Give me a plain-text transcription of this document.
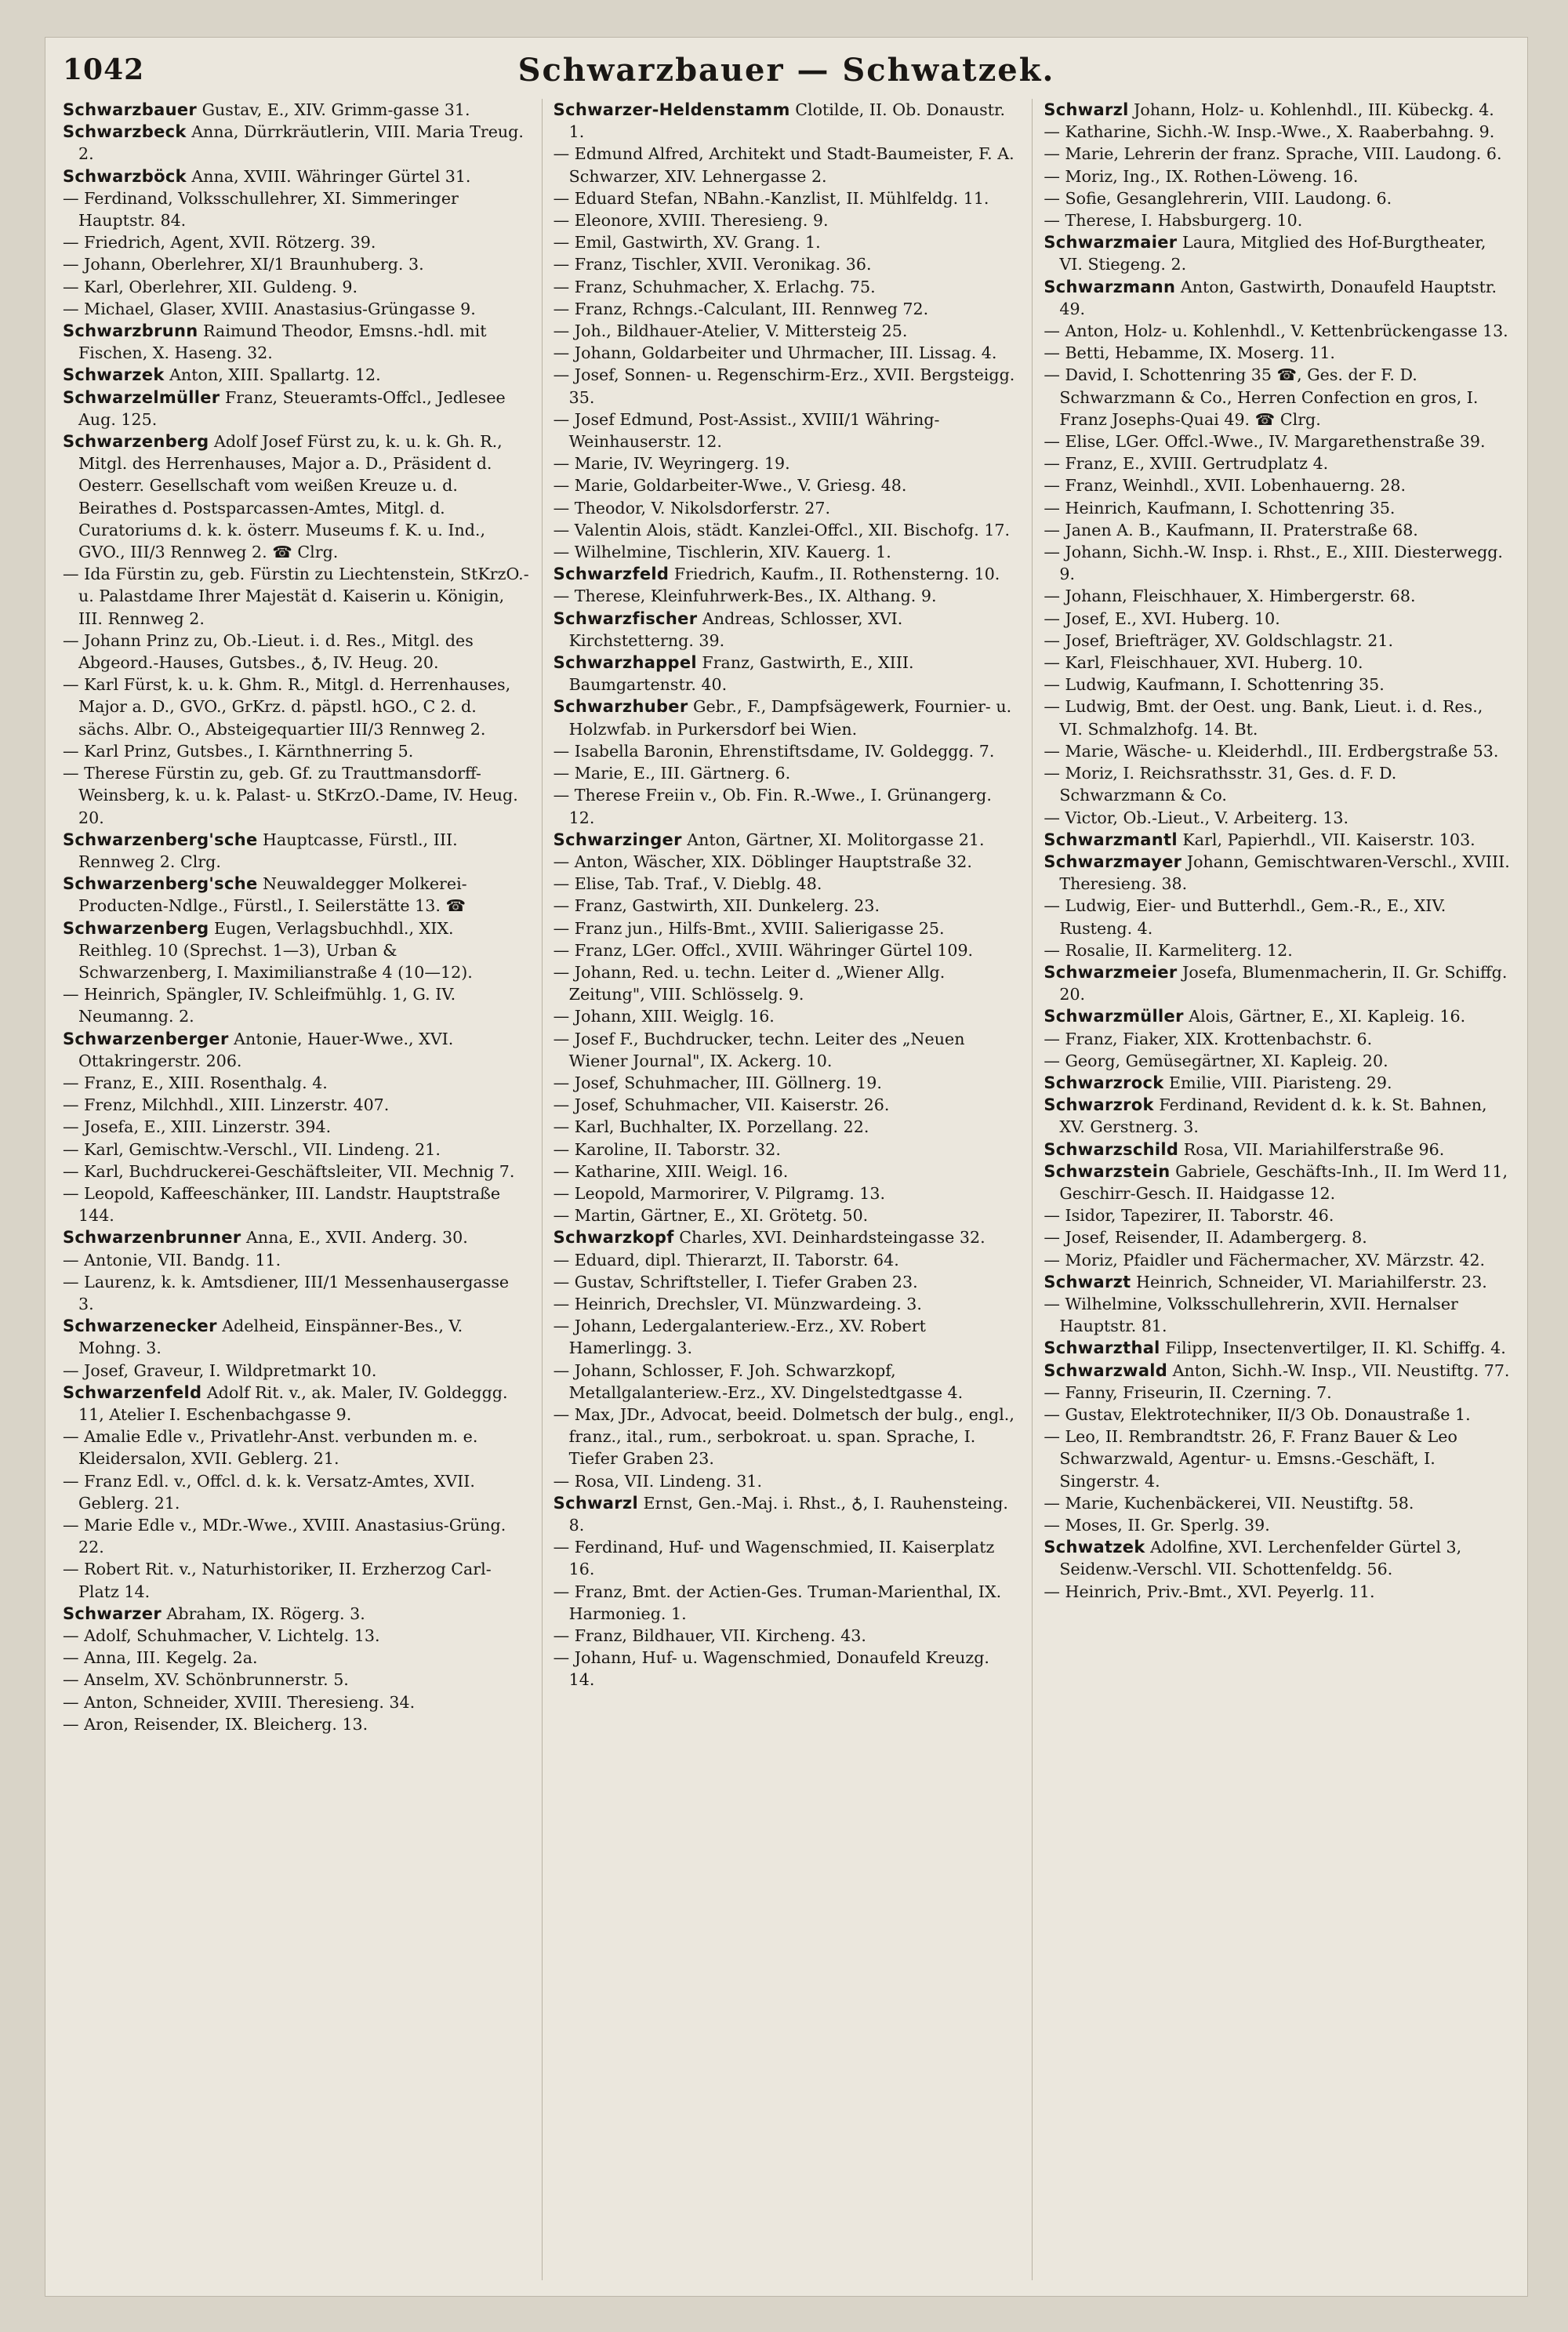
1042	Schwarzbauer — Schwatzek.

Schwarzbauer Gustav, E., XIV. Grimm-gasse 31.

Schwarzbeck Anna, Dürrkräutlerin, VIII. Maria Treug. 2.

Schwarzböck Anna, XVIII. Währinger Gürtel 31.

— Ferdinand, Volksschullehrer, XI. Simmeringer Hauptstr. 84.

— Friedrich, Agent, XVII. Rötzerg. 39.

— Johann, Oberlehrer, XI/1 Braunhuberg. 3.

— Karl, Oberlehrer, XII. Guldeng. 9.

— Michael, Glaser, XVIII. Anastasius-Grüngasse 9.

Schwarzbrunn Raimund Theodor, Emsns.-hdl. mit Fischen, X. Haseng. 32.

Schwarzek Anton, XIII. Spallartg. 12.

Schwarzelmüller Franz, Steueramts-Offcl., Jedlesee Aug. 125.

Schwarzenberg Adolf Josef Fürst zu, k. u. k. Gh. R., Mitgl. des Herrenhauses, Major a. D., Präsident d. Oesterr. Gesellschaft vom weißen Kreuze u. d. Beirathes d. Postsparcassen-Amtes, Mitgl. d. Curatoriums d. k. k. österr. Museums f. K. u. Ind., GVO., III/3 Rennweg 2. ☎ Clrg.

— Ida Fürstin zu, geb. Fürstin zu Liechtenstein, StKrzO.- u. Palastdame Ihrer Majestät d. Kaiserin u. Königin, III. Rennweg 2.

— Johann Prinz zu, Ob.-Lieut. i. d. Res., Mitgl. des Abgeord.-Hauses, Gutsbes., ♁, IV. Heug. 20.

— Karl Fürst, k. u. k. Ghm. R., Mitgl. d. Herrenhauses, Major a. D., GVO., GrKrz. d. päpstl. hGO., C 2. d. sächs. Albr. O., Absteigequartier III/3 Rennweg 2.

— Karl Prinz, Gutsbes., I. Kärnthnerring 5.

— Therese Fürstin zu, geb. Gf. zu Trauttmansdorff-Weinsberg, k. u. k. Palast- u. StKrzO.-Dame, IV. Heug. 20.

Schwarzenberg'sche Hauptcasse, Fürstl., III. Rennweg 2. Clrg.

Schwarzenberg'sche Neuwaldegger Molkerei-Producten-Ndlge., Fürstl., I. Seilerstätte 13. ☎

Schwarzenberg Eugen, Verlagsbuchhdl., XIX. Reithleg. 10 (Sprechst. 1—3), Urban & Schwarzenberg, I. Maximilianstraße 4 (10—12).

— Heinrich, Spängler, IV. Schleifmühlg. 1, G. IV. Neumanng. 2.

Schwarzenberger Antonie, Hauer-Wwe., XVI. Ottakringerstr. 206.

— Franz, E., XIII. Rosenthalg. 4.

— Frenz, Milchhdl., XIII. Linzerstr. 407.

— Josefa, E., XIII. Linzerstr. 394.

— Karl, Gemischtw.-Verschl., VII. Lindeng. 21.

— Karl, Buchdruckerei-Geschäftsleiter, VII. Mechnig 7.

— Leopold, Kaffeeschänker, III. Landstr. Hauptstraße 144.

Schwarzenbrunner Anna, E., XVII. Anderg. 30.

— Antonie, VII. Bandg. 11.

— Laurenz, k. k. Amtsdiener, III/1 Messenhausergasse 3.

Schwarzenecker Adelheid, Einspänner-Bes., V. Mohng. 3.

— Josef, Graveur, I. Wildpretmarkt 10.

Schwarzenfeld Adolf Rit. v., ak. Maler, IV. Goldeggg. 11, Atelier I. Eschenbachgasse 9.

— Amalie Edle v., Privatlehr-Anst. verbunden m. e. Kleidersalon, XVII. Geblerg. 21.

— Franz Edl. v., Offcl. d. k. k. Versatz-Amtes, XVII. Geblerg. 21.

— Marie Edle v., MDr.-Wwe., XVIII. Anastasius-Grüng. 22.

— Robert Rit. v., Naturhistoriker, II. Erzherzog Carl-Platz 14.

Schwarzer Abraham, IX. Rögerg. 3.

— Adolf, Schuhmacher, V. Lichtelg. 13.

— Anna, III. Kegelg. 2a.

— Anselm, XV. Schönbrunnerstr. 5.

— Anton, Schneider, XVIII. Theresieng. 34.

— Aron, Reisender, IX. Bleicherg. 13.

Schwarzer-Heldenstamm Clotilde, II. Ob. Donaustr. 1.

— Edmund Alfred, Architekt und Stadt-Baumeister, F. A. Schwarzer, XIV. Lehnergasse 2.

— Eduard Stefan, NBahn.-Kanzlist, II. Mühlfeldg. 11.

— Eleonore, XVIII. Theresieng. 9.

— Emil, Gastwirth, XV. Grang. 1.

— Franz, Tischler, XVII. Veronikag. 36.

— Franz, Schuhmacher, X. Erlachg. 75.

— Franz, Rchngs.-Calculant, III. Rennweg 72.

— Joh., Bildhauer-Atelier, V. Mittersteig 25.

— Johann, Goldarbeiter und Uhrmacher, III. Lissag. 4.

— Josef, Sonnen- u. Regenschirm-Erz., XVII. Bergsteigg. 35.

— Josef Edmund, Post-Assist., XVIII/1 Währing-Weinhauserstr. 12.

— Marie, IV. Weyringerg. 19.

— Marie, Goldarbeiter-Wwe., V. Griesg. 48.

— Theodor, V. Nikolsdorferstr. 27.

— Valentin Alois, städt. Kanzlei-Offcl., XII. Bischofg. 17.

— Wilhelmine, Tischlerin, XIV. Kauerg. 1.

Schwarzfeld Friedrich, Kaufm., II. Rothensterng. 10.

— Therese, Kleinfuhrwerk-Bes., IX. Althang. 9.

Schwarzfischer Andreas, Schlosser, XVI. Kirchstetterng. 39.

Schwarzhappel Franz, Gastwirth, E., XIII. Baumgartenstr. 40.

Schwarzhuber Gebr., F., Dampfsägewerk, Fournier- u. Holzwfab. in Purkersdorf bei Wien.

— Isabella Baronin, Ehrenstiftsdame, IV. Goldeggg. 7.

— Marie, E., III. Gärtnerg. 6.

— Therese Freiin v., Ob. Fin. R.-Wwe., I. Grünangerg. 12.

Schwarzinger Anton, Gärtner, XI. Molitorgasse 21.

— Anton, Wäscher, XIX. Döblinger Hauptstraße 32.

— Elise, Tab. Traf., V. Dieblg. 48.

— Franz, Gastwirth, XII. Dunkelerg. 23.

— Franz jun., Hilfs-Bmt., XVIII. Salierigasse 25.

— Franz, LGer. Offcl., XVIII. Währinger Gürtel 109.

— Johann, Red. u. techn. Leiter d. „Wiener Allg. Zeitung", VIII. Schlösselg. 9.

— Johann, XIII. Weiglg. 16.

— Josef F., Buchdrucker, techn. Leiter des „Neuen Wiener Journal", IX. Ackerg. 10.

— Josef, Schuhmacher, III. Göllnerg. 19.

— Josef, Schuhmacher, VII. Kaiserstr. 26.

— Karl, Buchhalter, IX. Porzellang. 22.

— Karoline, II. Taborstr. 32.

— Katharine, XIII. Weigl. 16.

— Leopold, Marmorirer, V. Pilgramg. 13.

— Martin, Gärtner, E., XI. Grötetg. 50.

Schwarzkopf Charles, XVI. Deinhardsteingasse 32.

— Eduard, dipl. Thierarzt, II. Taborstr. 64.

— Gustav, Schriftsteller, I. Tiefer Graben 23.

— Heinrich, Drechsler, VI. Münzwardeing. 3.

— Johann, Ledergalanteriew.-Erz., XV. Robert Hamerlingg. 3.

— Johann, Schlosser, F. Joh. Schwarzkopf, Metallgalanteriew.-Erz., XV. Dingelstedtgasse 4.

— Max, JDr., Advocat, beeid. Dolmetsch der bulg., engl., franz., ital., rum., serbokroat. u. span. Sprache, I. Tiefer Graben 23.

— Rosa, VII. Lindeng. 31.

Schwarzl Ernst, Gen.-Maj. i. Rhst., ♁, I. Rauhensteing. 8.

— Ferdinand, Huf- und Wagenschmied, II. Kaiserplatz 16.

— Franz, Bmt. der Actien-Ges. Truman-Marienthal, IX. Harmonieg. 1.

— Franz, Bildhauer, VII. Kircheng. 43.

— Johann, Huf- u. Wagenschmied, Donaufeld Kreuzg. 14.

Schwarzl Johann, Holz- u. Kohlenhdl., III. Kübeckg. 4.

— Katharine, Sichh.-W. Insp.-Wwe., X. Raaberbahng. 9.

— Marie, Lehrerin der franz. Sprache, VIII. Laudong. 6.

— Moriz, Ing., IX. Rothen-Löweng. 16.

— Sofie, Gesanglehrerin, VIII. Laudong. 6.

— Therese, I. Habsburgerg. 10.

Schwarzmaier Laura, Mitglied des Hof-Burgtheater, VI. Stiegeng. 2.

Schwarzmann Anton, Gastwirth, Donaufeld Hauptstr. 49.

— Anton, Holz- u. Kohlenhdl., V. Kettenbrückengasse 13.

— Betti, Hebamme, IX. Moserg. 11.

— David, I. Schottenring 35 ☎, Ges. der F. D. Schwarzmann & Co., Herren Confection en gros, I. Franz Josephs-Quai 49. ☎ Clrg.

— Elise, LGer. Offcl.-Wwe., IV. Margarethenstraße 39.

— Franz, E., XVIII. Gertrudplatz 4.

— Franz, Weinhdl., XVII. Lobenhauerng. 28.

— Heinrich, Kaufmann, I. Schottenring 35.

— Janen A. B., Kaufmann, II. Praterstraße 68.

— Johann, Sichh.-W. Insp. i. Rhst., E., XIII. Diesterwegg. 9.

— Johann, Fleischhauer, X. Himbergerstr. 68.

— Josef, E., XVI. Huberg. 10.

— Josef, Briefträger, XV. Goldschlagstr. 21.

— Karl, Fleischhauer, XVI. Huberg. 10.

— Ludwig, Kaufmann, I. Schottenring 35.

— Ludwig, Bmt. der Oest. ung. Bank, Lieut. i. d. Res., VI. Schmalzhofg. 14. Bt.

— Marie, Wäsche- u. Kleiderhdl., III. Erdbergstraße 53.

— Moriz, I. Reichsrathsstr. 31, Ges. d. F. D. Schwarzmann & Co.

— Victor, Ob.-Lieut., V. Arbeiterg. 13.

Schwarzmantl Karl, Papierhdl., VII. Kaiserstr. 103.

Schwarzmayer Johann, Gemischtwaren-Verschl., XVIII. Theresieng. 38.

— Ludwig, Eier- und Butterhdl., Gem.-R., E., XIV. Rusteng. 4.

— Rosalie, II. Karmeliterg. 12.

Schwarzmeier Josefa, Blumenmacherin, II. Gr. Schiffg. 20.

Schwarzmüller Alois, Gärtner, E., XI. Kapleig. 16.

— Franz, Fiaker, XIX. Krottenbachstr. 6.

— Georg, Gemüsegärtner, XI. Kapleig. 20.

Schwarzrock Emilie, VIII. Piaristeng. 29.

Schwarzrok Ferdinand, Revident d. k. k. St. Bahnen, XV. Gerstnerg. 3.

Schwarzschild Rosa, VII. Mariahilferstraße 96.

Schwarzstein Gabriele, Geschäfts-Inh., II. Im Werd 11, Geschirr-Gesch. II. Haidgasse 12.

— Isidor, Tapezirer, II. Taborstr. 46.

— Josef, Reisender, II. Adambergerg. 8.

— Moriz, Pfaidler und Fächermacher, XV. Märzstr. 42.

Schwarzt Heinrich, Schneider, VI. Mariahilferstr. 23.

— Wilhelmine, Volksschullehrerin, XVII. Hernalser Hauptstr. 81.

Schwarzthal Filipp, Insectenvertilger, II. Kl. Schiffg. 4.

Schwarzwald Anton, Sichh.-W. Insp., VII. Neustiftg. 77.

— Fanny, Friseurin, II. Czerning. 7.

— Gustav, Elektrotechniker, II/3 Ob. Donaustraße 1.

— Leo, II. Rembrandtstr. 26, F. Franz Bauer & Leo Schwarzwald, Agentur- u. Emsns.-Geschäft, I. Singerstr. 4.

— Marie, Kuchenbäckerei, VII. Neustiftg. 58.

— Moses, II. Gr. Sperlg. 39.

Schwatzek Adolfine, XVI. Lerchenfelder Gürtel 3, Seidenw.-Verschl. VII. Schottenfeldg. 56.

— Heinrich, Priv.-Bmt., XVI. Peyerlg. 11.
